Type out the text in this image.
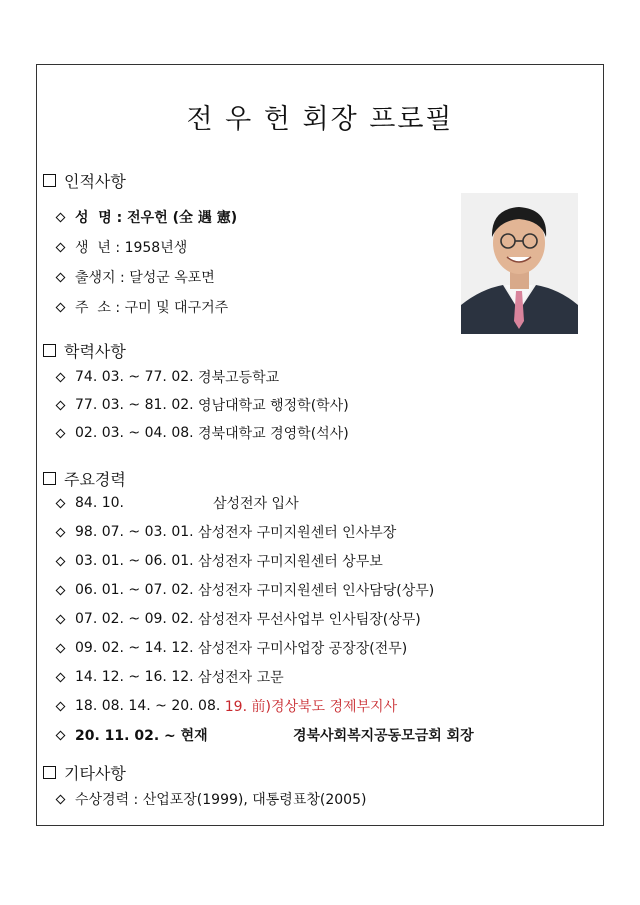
전 우 헌 회장 프로필
인적사항
성  명 : 전우헌 (全 遇 憲)
생  년 : 1958년생
출생지 : 달성군 옥포면
주  소 : 구미 및 대구거주
학력사항
74. 03. ~ 77. 02.
경북고등학교
77. 03. ~ 81. 02.
영남대학교 행정학(학사)
02. 03. ~ 04. 08.
경북대학교 경영학(석사)
주요경력
84. 10.	삼성전자 입사
98. 07. ~ 03. 01.
삼성전자 구미지원센터 인사부장
03. 01. ~ 06. 01.
삼성전자 구미지원센터 상무보
06. 01. ~ 07. 02.
삼성전자 구미지원센터 인사담당(상무)
07. 02. ~ 09. 02.
삼성전자 무선사업부 인사팀장(상무)
09. 02. ~ 14. 12.
삼성전자 구미사업장 공장장(전무)
14. 12. ~ 16. 12.
삼성전자 고문
18. 08. 14. ~ 20. 08.
19. 前)경상북도 경제부지사
20. 11. 02. ~ 현재	경북사회복지공동모금회 회장
기타사항
수상경력 : 산업포장(1999), 대통령표창(2005)
